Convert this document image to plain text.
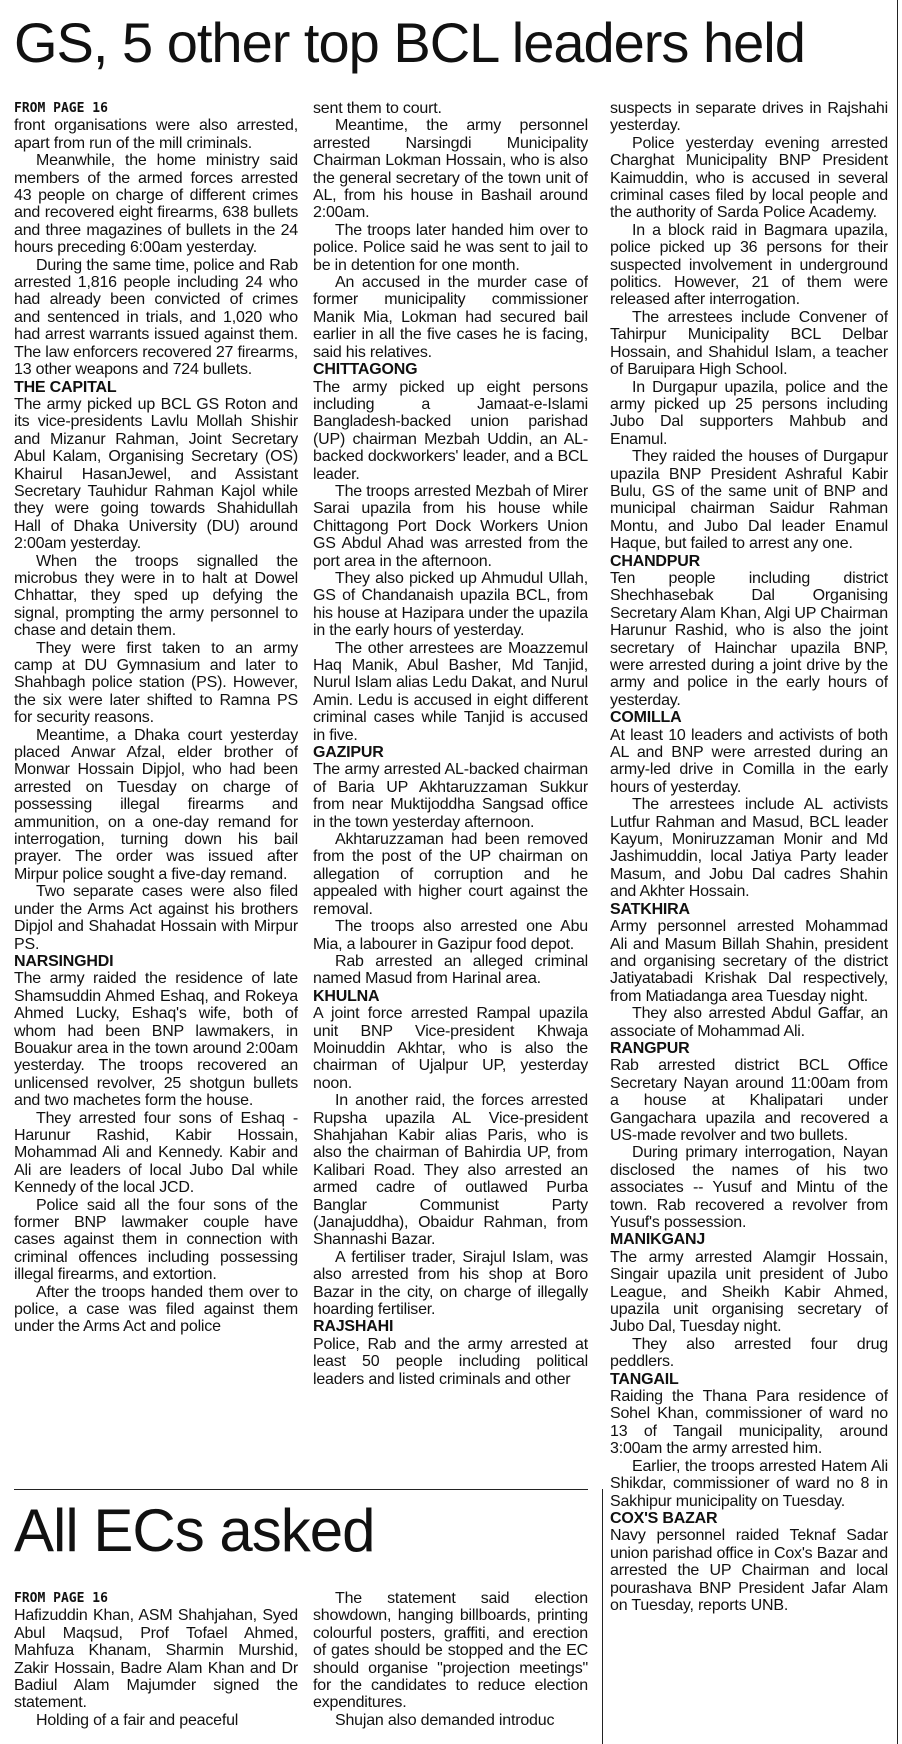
GS, 5 other top BCL leaders held

FROM PAGE 16

front organisations were also arrested, apart from run of the mill criminals.

Meanwhile, the home ministry said members of the armed forces arrested 43 people on charge of different crimes and recovered eight firearms, 638 bullets and three magazines of bullets in the 24 hours preceding 6:00am yesterday.

During the same time, police and Rab arrested 1,816 people including 24 who had already been convicted of crimes and sentenced in trials, and 1,020 who had arrest warrants issued against them. The law enforcers recovered 27 firearms, 13 other weapons and 724 bullets.

THE CAPITAL

The army picked up BCL GS Roton and its vice-presidents Lavlu Mollah Shishir and Mizanur Rahman, Joint Secretary Abul Kalam, Organising Secretary (OS) Khairul HasanJewel, and Assistant Secretary Tauhidur Rahman Kajol while they were going towards Shahidullah Hall of Dhaka University (DU) around 2:00am yesterday.

When the troops signalled the microbus they were in to halt at Dowel Chhattar, they sped up defying the signal, prompting the army personnel to chase and detain them.

They were first taken to an army camp at DU Gymnasium and later to Shahbagh police station (PS). However, the six were later shifted to Ramna PS for security reasons.

Meantime, a Dhaka court yesterday placed Anwar Afzal, elder brother of Monwar Hossain Dipjol, who had been arrested on Tuesday on charge of possessing illegal firearms and ammunition, on a one-day remand for interrogation, turning down his bail prayer. The order was issued after Mirpur police sought a five-day remand.

Two separate cases were also filed under the Arms Act against his brothers Dipjol and Shahadat Hossain with Mirpur PS.

NARSINGHDI

The army raided the residence of late Shamsuddin Ahmed Eshaq, and Rokeya Ahmed Lucky, Eshaq's wife, both of whom had been BNP lawmakers, in Bouakur area in the town around 2:00am yesterday. The troops recovered an unlicensed revolver, 25 shotgun bullets and two machetes form the house.

They arrested four sons of Eshaq - Harunur Rashid, Kabir Hossain, Mohammad Ali and Kennedy. Kabir and Ali are leaders of local Jubo Dal while Kennedy of the local JCD.

Police said all the four sons of the former BNP lawmaker couple have cases against them in connection with criminal offences including possessing illegal firearms, and extortion.

After the troops handed them over to police, a case was filed against them under the Arms Act and police

sent them to court.

Meantime, the army personnel arrested Narsingdi Municipality Chairman Lokman Hossain, who is also the general secretary of the town unit of AL, from his house in Bashail around 2:00am.

The troops later handed him over to police. Police said he was sent to jail to be in detention for one month.

An accused in the murder case of former municipality commissioner Manik Mia, Lokman had secured bail earlier in all the five cases he is facing, said his relatives.

CHITTAGONG

The army picked up eight persons including a Jamaat-e-Islami Bangladesh-backed union parishad (UP) chairman Mezbah Uddin, an AL-backed dockworkers' leader, and a BCL leader.

The troops arrested Mezbah of Mirer Sarai upazila from his house while Chittagong Port Dock Workers Union GS Abdul Ahad was arrested from the port area in the afternoon.

They also picked up Ahmudul Ullah, GS of Chandanaish upazila BCL, from his house at Hazipara under the upazila in the early hours of yesterday.

The other arrestees are Moazzemul Haq Manik, Abul Basher, Md Tanjid, Nurul Islam alias Ledu Dakat, and Nurul Amin. Ledu is accused in eight different criminal cases while Tanjid is accused in five.

GAZIPUR

The army arrested AL-backed chairman of Baria UP Akhtaruzzaman Sukkur from near Muktijoddha Sangsad office in the town yesterday afternoon.

Akhtaruzzaman had been removed from the post of the UP chairman on allegation of corruption and he appealed with higher court against the removal.

The troops also arrested one Abu Mia, a labourer in Gazipur food depot.

Rab arrested an alleged criminal named Masud from Harinal area.

KHULNA

A joint force arrested Rampal upazila unit BNP Vice-president Khwaja Moinuddin Akhtar, who is also the chairman of Ujalpur UP, yesterday noon.

In another raid, the forces arrested Rupsha upazila AL Vice-president Shahjahan Kabir alias Paris, who is also the chairman of Bahirdia UP, from Kalibari Road. They also arrested an armed cadre of outlawed Purba Banglar Communist Party (Janajuddha), Obaidur Rahman, from Shannashi Bazar.

A fertiliser trader, Sirajul Islam, was also arrested from his shop at Boro Bazar in the city, on charge of illegally hoarding fertiliser.

RAJSHAHI

Police, Rab and the army arrested at least 50 people including political leaders and listed criminals and other

suspects in separate drives in Rajshahi yesterday.

Police yesterday evening arrested Charghat Municipality BNP President Kaimuddin, who is accused in several criminal cases filed by local people and the authority of Sarda Police Academy.

In a block raid in Bagmara upazila, police picked up 36 persons for their suspected involvement in underground politics. However, 21 of them were released after interrogation.

The arrestees include Convener of Tahirpur Municipality BCL Delbar Hossain, and Shahidul Islam, a teacher of Baruipara High School.

In Durgapur upazila, police and the army picked up 25 persons including Jubo Dal supporters Mahbub and Enamul.

They raided the houses of Durgapur upazila BNP President Ashraful Kabir Bulu, GS of the same unit of BNP and municipal chairman Saidur Rahman Montu, and Jubo Dal leader Enamul Haque, but failed to arrest any one.

CHANDPUR

Ten people including district Shechhasebak Dal Organising Secretary Alam Khan, Algi UP Chairman Harunur Rashid, who is also the joint secretary of Hainchar upazila BNP, were arrested during a joint drive by the army and police in the early hours of yesterday.

COMILLA

At least 10 leaders and activists of both AL and BNP were arrested during an army-led drive in Comilla in the early hours of yesterday.

The arrestees include AL activists Lutfur Rahman and Masud, BCL leader Kayum, Moniruzzaman Monir and Md Jashimuddin, local Jatiya Party leader Masum, and Jobu Dal cadres Shahin and Akhter Hossain.

SATKHIRA

Army personnel arrested Mohammad Ali and Masum Billah Shahin, president and organising secretary of the district Jatiyatabadi Krishak Dal respectively, from Matiadanga area Tuesday night.

They also arrested Abdul Gaffar, an associate of Mohammad Ali.

RANGPUR

Rab arrested district BCL Office Secretary Nayan around 11:00am from a house at Khalipatari under Gangachara upazila and recovered a US-made revolver and two bullets.

During primary interrogation, Nayan disclosed the names of his two associates -- Yusuf and Mintu of the town. Rab recovered a revolver from Yusuf's possession.

MANIKGANJ

The army arrested Alamgir Hossain, Singair upazila unit president of Jubo League, and Sheikh Kabir Ahmed, upazila unit organising secretary of Jubo Dal, Tuesday night.

They also arrested four drug peddlers.

TANGAIL

Raiding the Thana Para residence of Sohel Khan, commissioner of ward no 13 of Tangail municipality, around 3:00am the army arrested him.

Earlier, the troops arrested Hatem Ali Shikdar, commissioner of ward no 8 in Sakhipur municipality on Tuesday.

COX'S BAZAR

Navy personnel raided Teknaf Sadar union parishad office in Cox's Bazar and arrested the UP Chairman and local pourashava BNP President Jafar Alam on Tuesday, reports UNB.

All ECs asked

FROM PAGE 16

Hafizuddin Khan, ASM Shahjahan, Syed Abul Maqsud, Prof Tofael Ahmed, Mahfuza Khanam, Sharmin Murshid, Zakir Hossain, Badre Alam Khan and Dr Badiul Alam Majumder signed the statement.

Holding of a fair and peaceful

The statement said election showdown, hanging billboards, printing colourful posters, graffiti, and erection of gates should be stopped and the EC should organise "projection meetings" for the candidates to reduce election expenditures.

Shujan also demanded introduc
